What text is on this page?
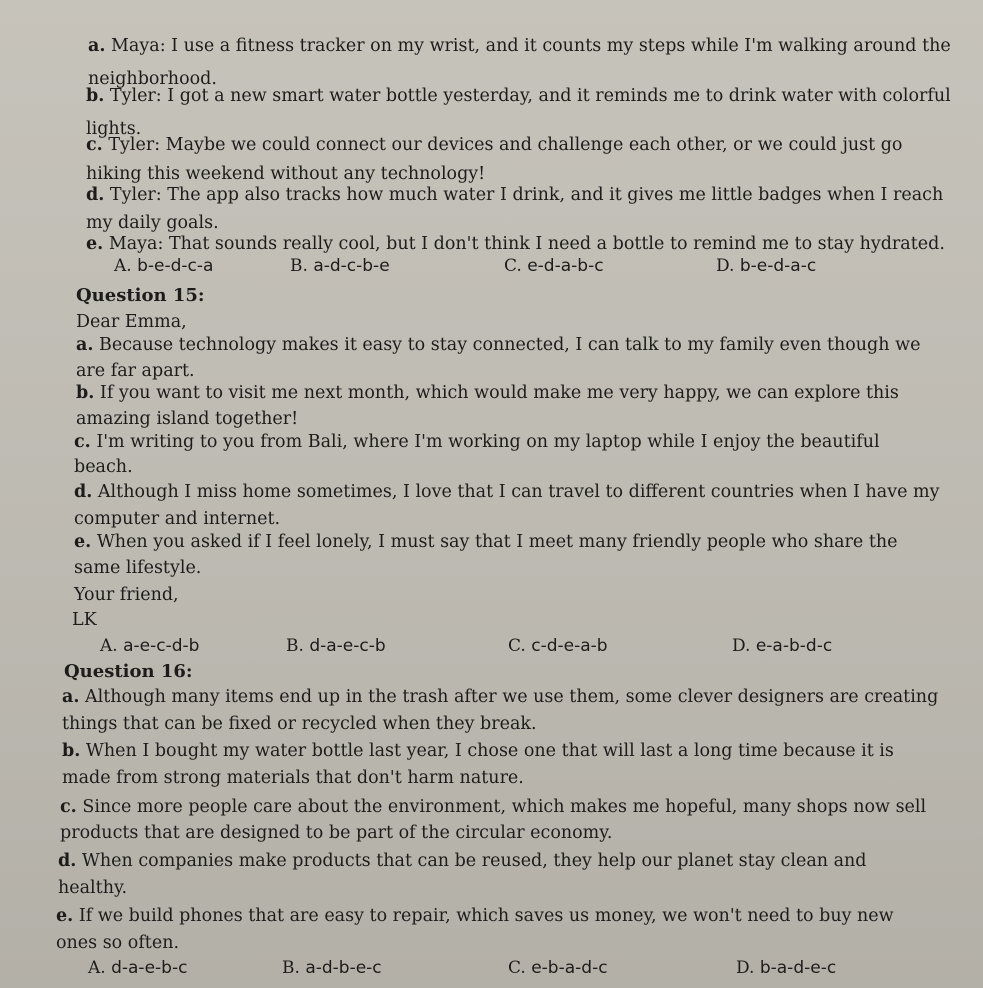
a. Maya: I use a fitness tracker on my wrist, and it counts my steps while I'm walking around the
neighborhood.
b. Tyler: I got a new smart water bottle yesterday, and it reminds me to drink water with colorful
lights.
c. Tyler: Maybe we could connect our devices and challenge each other, or we could just go
hiking this weekend without any technology!
d. Tyler: The app also tracks how much water I drink, and it gives me little badges when I reach
my daily goals.
e. Maya: That sounds really cool, but I don't think I need a bottle to remind me to stay hydrated.
A. b-e-d-c-a	B. a-d-c-b-e	C. e-d-a-b-c	D. b-e-d-a-c
Question 15:
Dear Emma,
a. Because technology makes it easy to stay connected, I can talk to my family even though we
are far apart.
b. If you want to visit me next month, which would make me very happy, we can explore this
amazing island together!
c. I'm writing to you from Bali, where I'm working on my laptop while I enjoy the beautiful
beach.
d. Although I miss home sometimes, I love that I can travel to different countries when I have my
computer and internet.
e. When you asked if I feel lonely, I must say that I meet many friendly people who share the
same lifestyle.
Your friend,
LK
A. a-e-c-d-b	B. d-a-e-c-b	C. c-d-e-a-b	D. e-a-b-d-c
Question 16:
a. Although many items end up in the trash after we use them, some clever designers are creating
things that can be fixed or recycled when they break.
b. When I bought my water bottle last year, I chose one that will last a long time because it is
made from strong materials that don't harm nature.
c. Since more people care about the environment, which makes me hopeful, many shops now sell
products that are designed to be part of the circular economy.
d. When companies make products that can be reused, they help our planet stay clean and
healthy.
e. If we build phones that are easy to repair, which saves us money, we won't need to buy new
ones so often.
A. d-a-e-b-c	B. a-d-b-e-c	C. e-b-a-d-c	D. b-a-d-e-c
